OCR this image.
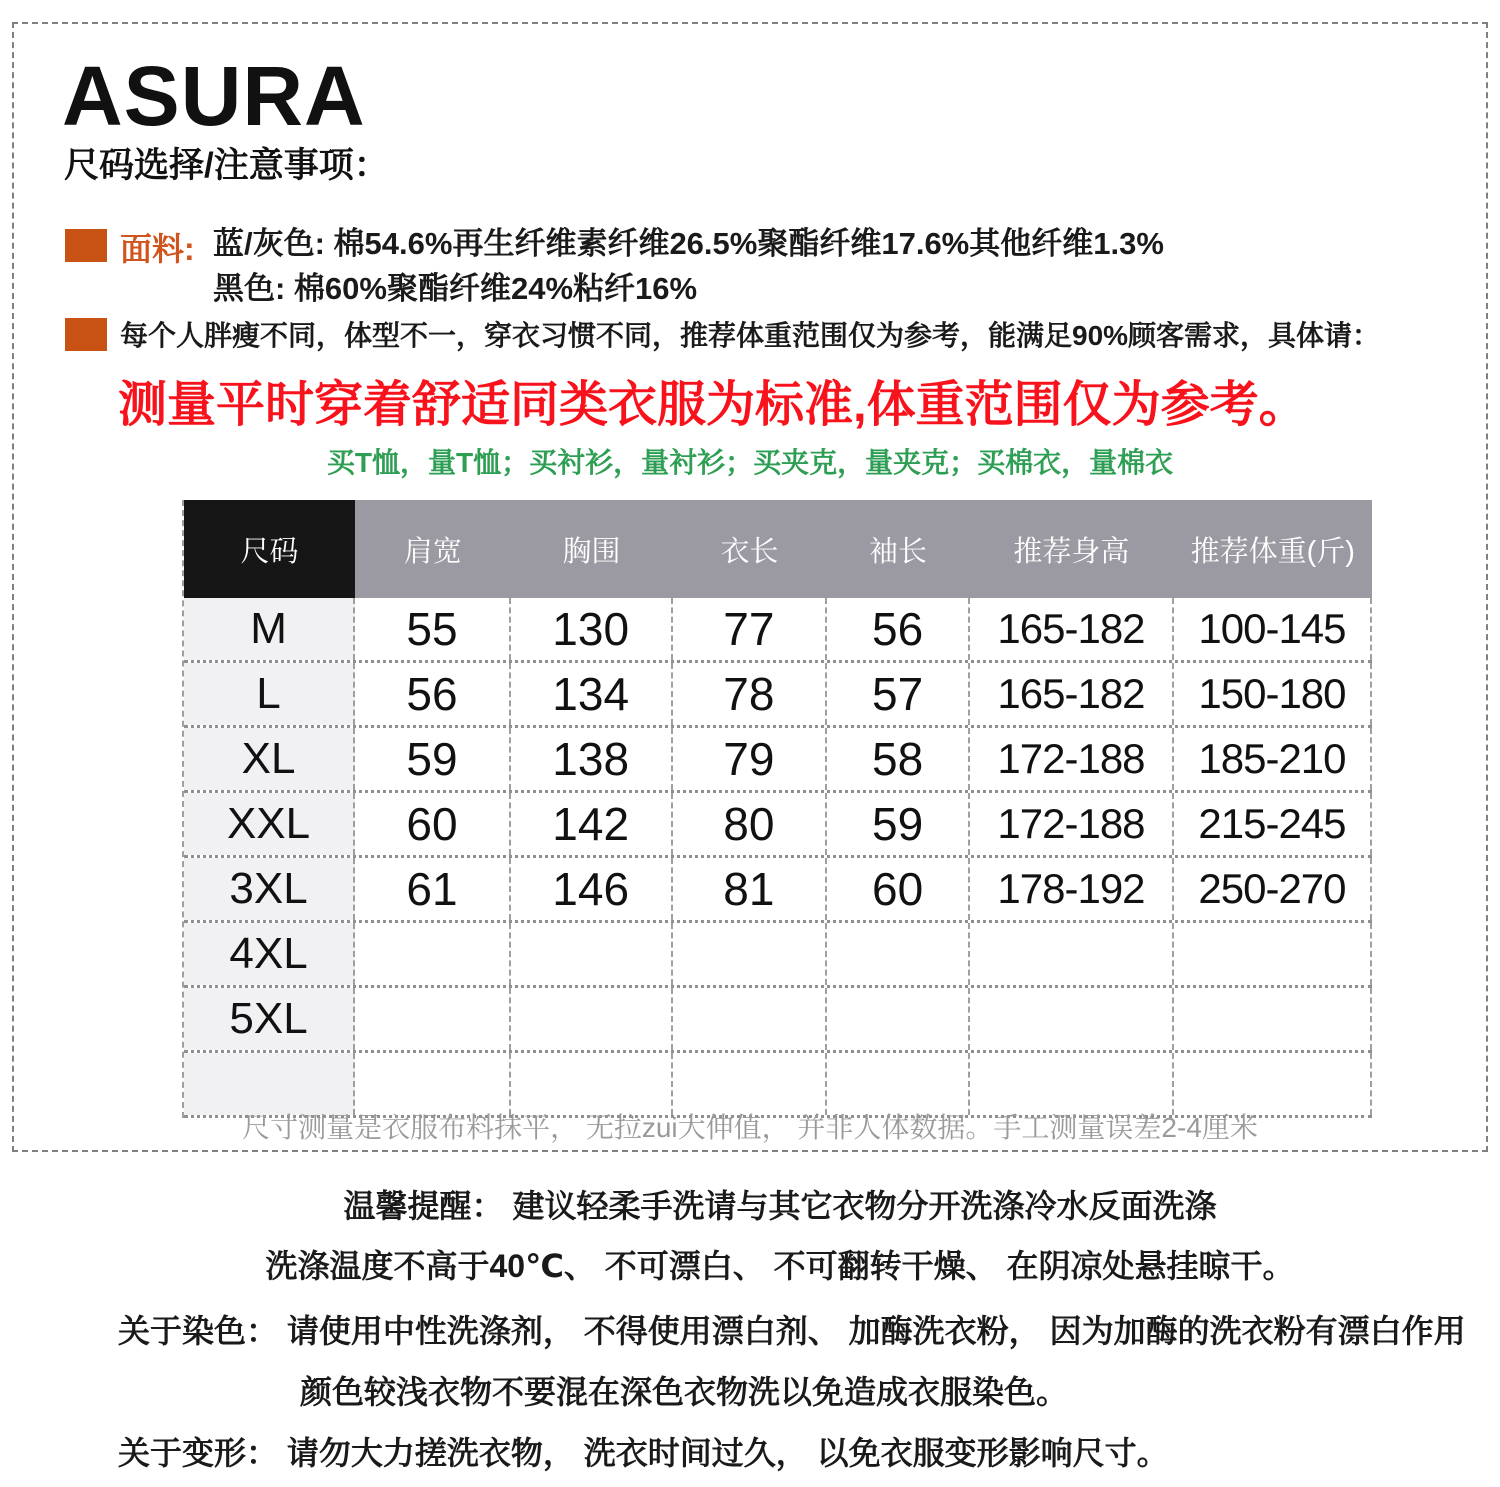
ASURA
尺码选择/注意事项：
面料: 蓝/灰色: 棉54.6%再生纤维素纤维26.5%聚酯纤维17.6%其他纤维1.3%
黑色: 棉60%聚酯纤维24%粘纤16%
每个人胖瘦不同，体型不一，穿衣习惯不同，推荐体重范围仅为参考，能满足90%顾客需求，具体请：
测量平时穿着舒适同类衣服为标准,体重范围仅为参考。
买T恤，量T恤；买衬衫，量衬衫；买夹克，量夹克；买棉衣，量棉衣
尺码	肩宽	胸围	衣长	袖长	推荐身高	推荐体重(斤)
M	55	130	77	56	165-182	100-145
L	56	134	78	57	165-182	150-180
XL	59	138	79	58	172-188	185-210
XXL	60	142	80	59	172-188	215-245
3XL	61	146	81	60	178-192	250-270
4XL
5XL
尺寸测量是衣服布料抹平， 无拉zui大伸值， 并非人体数据。手工测量误差2-4厘米
温馨提醒： 建议轻柔手洗请与其它衣物分开洗涤冷水反面洗涤
洗涤温度不高于40℃、 不可漂白、 不可翻转干燥、 在阴凉处悬挂晾干。
关于染色： 请使用中性洗涤剂， 不得使用漂白剂、 加酶洗衣粉， 因为加酶的洗衣粉有漂白作用
颜色较浅衣物不要混在深色衣物洗以免造成衣服染色。
关于变形： 请勿大力搓洗衣物， 洗衣时间过久， 以免衣服变形影响尺寸。
